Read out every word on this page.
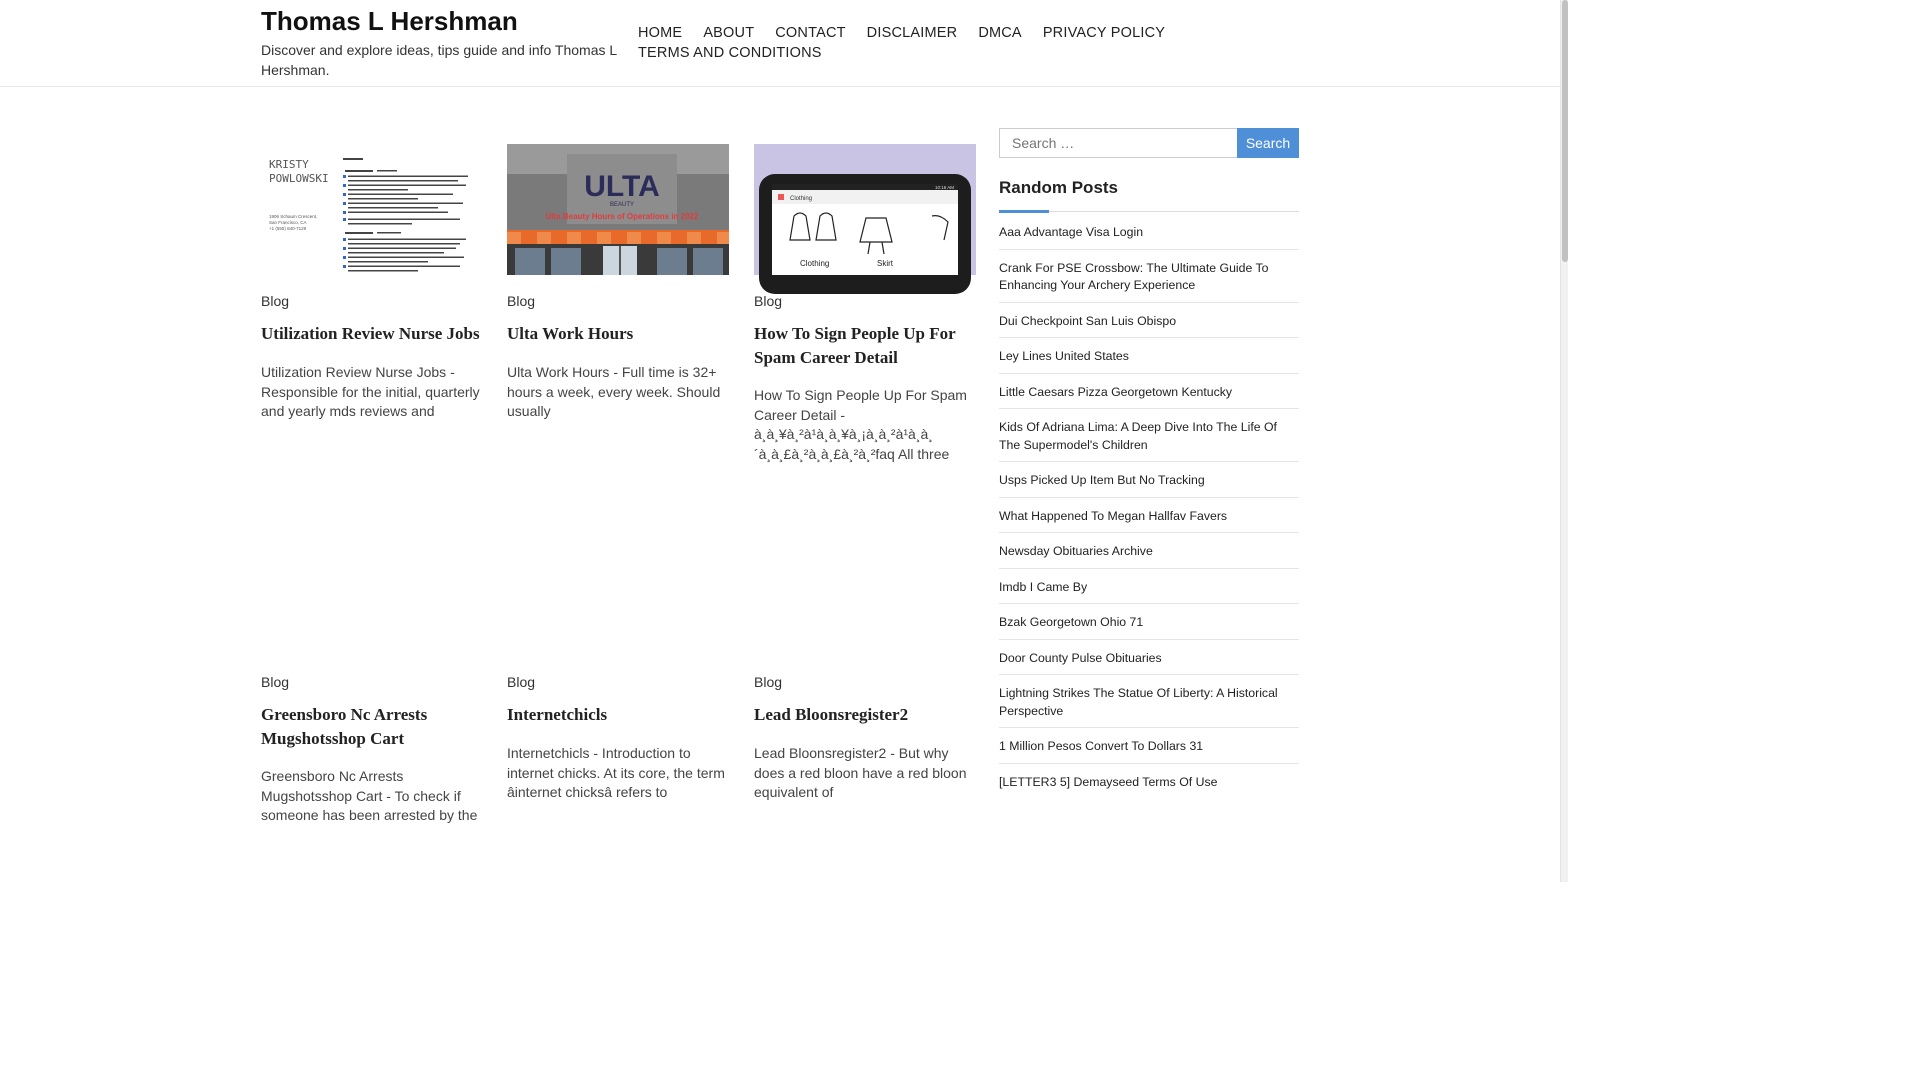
Thomas L Hershman
Discover and explore ideas, tips guide and info Thomas L Hershman.
HOME ABOUT CONTACT DISCLAIMER DMCA PRIVACY POLICY
TERMS AND CONDITIONS
KRISTY
POWLOWSKI
1906 Schaum Crescent,
San Francisco, CA
+1 (555) 840-7129
Blog
Utilization Review Nurse Jobs
Utilization Review Nurse Jobs - Responsible for the initial, quarterly and yearly mds reviews and
ULTA
BEAUTY
Ulta Beauty Hours of Operations in 2022
Blog
Ulta Work Hours
Ulta Work Hours - Full time is 32+ hours a week, every week. Should usually
10:16 AM
Clothing
Clothing	Skirt
Blog
How To Sign People Up For Spam Career Detail
How To Sign People Up For Spam Career Detail - à¸à¸¥à¸²à¹à¸à¸¥à¸¡à¸à¸²à¹à¸à¸´à¸à¸£à¸²à¸à¸£à¸²à¸²faq All three
Blog
Greensboro Nc Arrests Mugshotsshop Cart
Greensboro Nc Arrests Mugshotsshop Cart - To check if someone has been arrested by the
Blog
Internetchicls
Internetchicls - Introduction to internet chicks. At its core, the term âinternet chicksâ refers to
Blog
Lead Bloonsregister2
Lead Bloonsregister2 - But why does a red bloon have a red bloon equivalent of
Search …
Search
Random Posts
Aaa Advantage Visa Login
Crank For PSE Crossbow: The Ultimate Guide To Enhancing Your Archery Experience
Dui Checkpoint San Luis Obispo
Ley Lines United States
Little Caesars Pizza Georgetown Kentucky
Kids Of Adriana Lima: A Deep Dive Into The Life Of The Supermodel's Children
Usps Picked Up Item But No Tracking
What Happened To Megan Hallfav Favers
Newsday Obituaries Archive
Imdb I Came By
Bzak Georgetown Ohio 71
Door County Pulse Obituaries
Lightning Strikes The Statue Of Liberty: A Historical Perspective
1 Million Pesos Convert To Dollars 31
[LETTER3 5] Demayseed Terms Of Use
